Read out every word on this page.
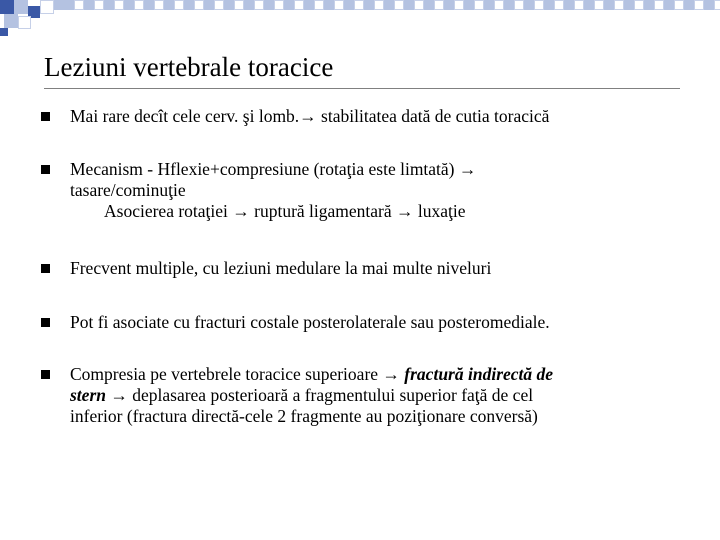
Leziuni vertebrale toracice
Mai rare decît cele cerv. şi lomb.→ stabilitatea dată de cutia toracică
Mecanism - Hflexie+compresiune (rotaţia este limtată) →
tasare/cominuţie
Asocierea rotaţiei → ruptură ligamentară → luxaţie
Frecvent multiple, cu leziuni medulare la mai multe niveluri
Pot fi asociate cu fracturi costale posterolaterale sau posteromediale.
Compresia pe vertebrele toracice superioare → fractură indirectă de
stern → deplasarea posterioară a fragmentului superior faţă de cel
inferior (fractura directă-cele 2 fragmente au poziţionare conversă)
